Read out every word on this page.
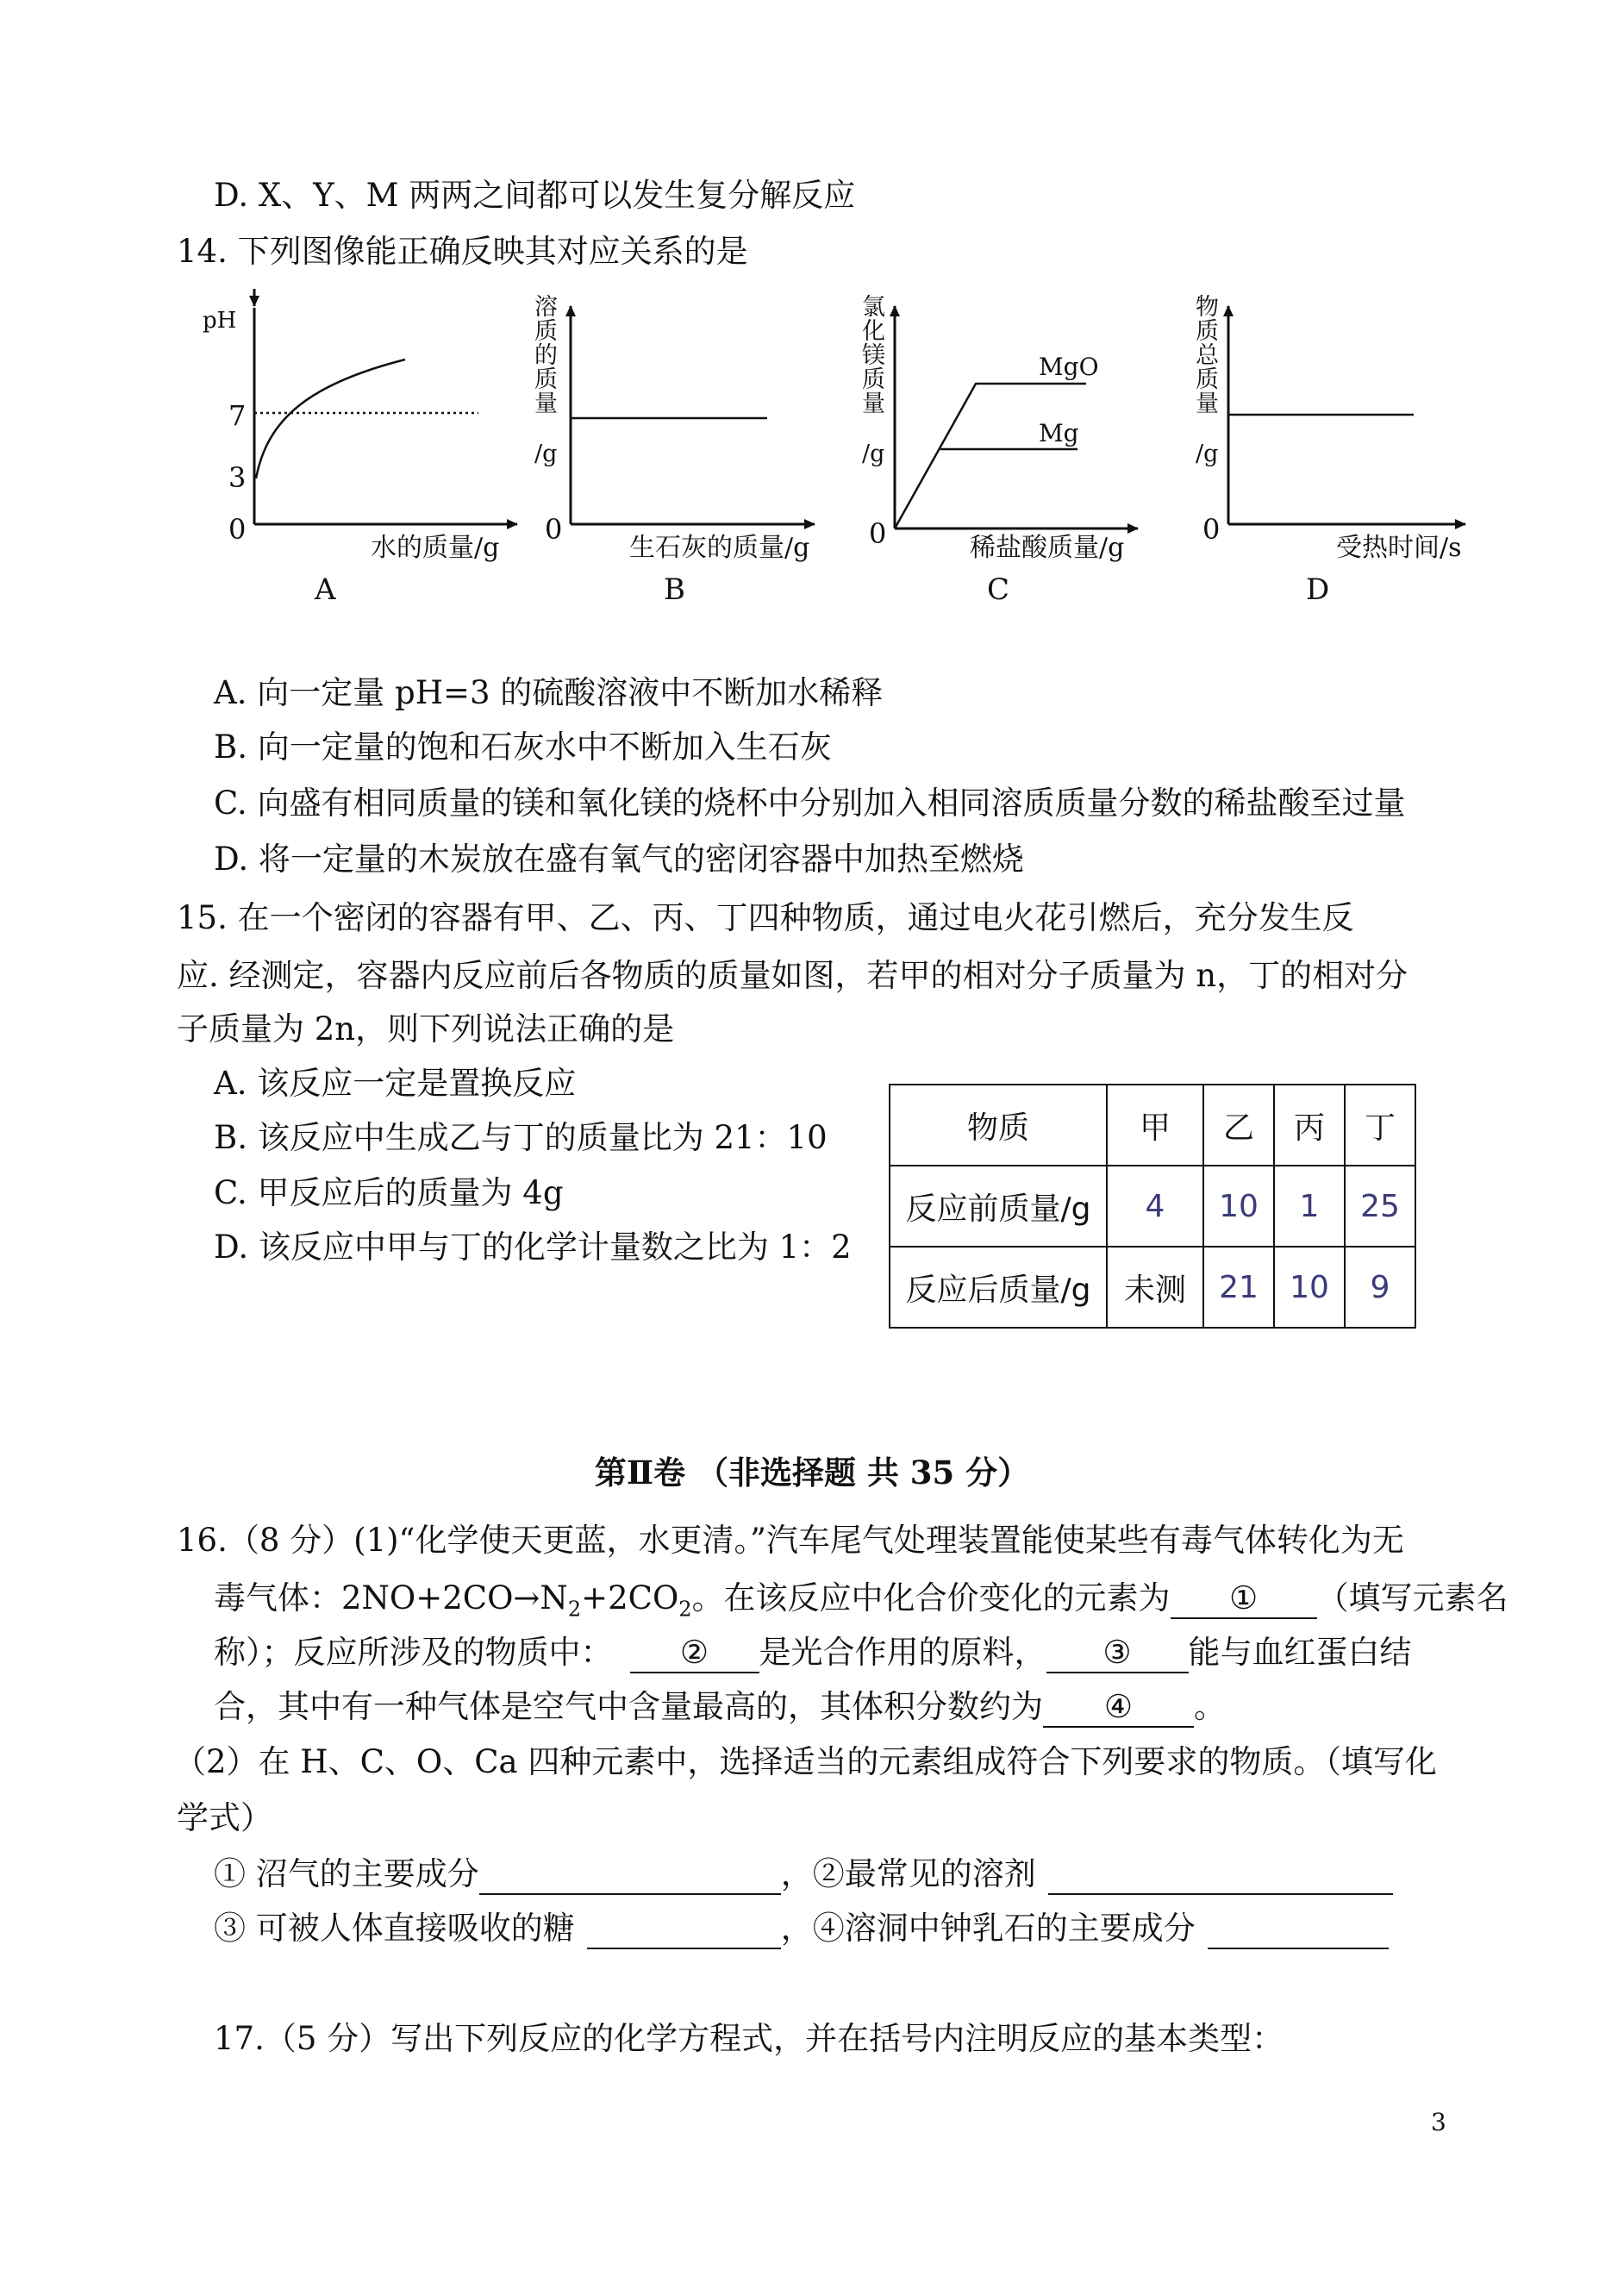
D. X、Y、M 两两之间都可以发生复分解反应
14. 下列图像能正确反映其对应关系的是
pH
7
3
0
水的质量/g
A
溶 质 的 质 量 /g
0
生石灰的质量/g
B
氯 化 镁 质 量 /g
MgO
Mg
0	稀盐酸质量/g
C
物 质 总 质 量 /g
0
受热时间/s
D
A. 向一定量 pH=3 的硫酸溶液中不断加水稀释
B. 向一定量的饱和石灰水中不断加入生石灰
C. 向盛有相同质量的镁和氧化镁的烧杯中分别加入相同溶质质量分数的稀盐酸至过量
D. 将一定量的木炭放在盛有氧气的密闭容器中加热至燃烧
15. 在一个密闭的容器有甲、乙、丙、丁四种物质，通过电火花引燃后，充分发生反
应. 经测定，容器内反应前后各物质的质量如图，若甲的相对分子质量为 n，丁的相对分
子质量为 2n，则下列说法正确的是
A. 该反应一定是置换反应
B. 该反应中生成乙与丁的质量比为 21：10
C. 甲反应后的质量为 4g
D. 该反应中甲与丁的化学计量数之比为 1：2
物质	甲	乙	丙	丁
反应前质量/g	4	10	1	25
反应后质量/g	未测	21	10	9
第Ⅱ卷 （非选择题 共 35 分）
16.（8 分）(1)“化学使天更蓝，水更清。”汽车尾气处理装置能使某些有毒气体转化为无
毒气体：$2NO+2CO\to N_2+2CO_2$。在该反应中化合价变化的元素为 ① （填写元素名
称）；反应所涉及的物质中： ② 是光合作用的原料， ③ 能与血红蛋白结
合，其中有一种气体是空气中含量最高的，其体积分数约为 ④ 。
（2）在 H、C、O、Ca 四种元素中，选择适当的元素组成符合下列要求的物质。（填写化
学式）
① 沼气的主要成分	，②最常见的溶剂
③ 可被人体直接吸收的糖	，④溶洞中钟乳石的主要成分
17.（5 分）写出下列反应的化学方程式，并在括号内注明反应的基本类型：
3
